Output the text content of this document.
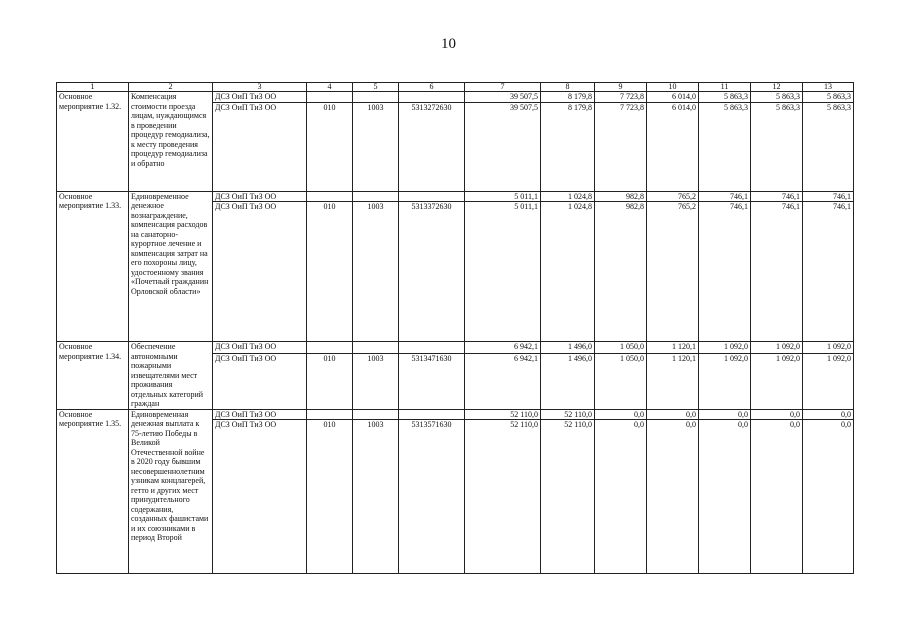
10
1	2	3	4	5	6	7	8	9	10	11	12	13
Основное мероприятие 1.32.	Компенсация стоимости проезда лицам, нуждающимся в проведении процедур гемодиализа, к месту проведения процедур гемодиализа и обратно	ДСЗ ОиП ТиЗ ОО				39 507,5	8 179,8	7 723,8	6 014,0	5 863,3	5 863,3	5 863,3
		ДСЗ ОиП ТиЗ ОО	010	1003	5313272630	39 507,5	8 179,8	7 723,8	6 014,0	5 863,3	5 863,3	5 863,3
Основное мероприятие 1.33.	Единовременное денежное вознаграждение, компенсация расходов на санаторно-курортное лечение и компенсация затрат на его похороны лицу, удостоенному звания «Почетный гражданин Орловской области»	ДСЗ ОиП ТиЗ ОО				5 011,1	1 024,8	982,8	765,2	746,1	746,1	746,1
		ДСЗ ОиП ТиЗ ОО	010	1003	5313372630	5 011,1	1 024,8	982,8	765,2	746,1	746,1	746,1
Основное мероприятие 1.34.	Обеспечение автономными пожарными извещателями мест проживания отдельных категорий граждан	ДСЗ ОиП ТиЗ ОО				6 942,1	1 496,0	1 050,0	1 120,1	1 092,0	1 092,0	1 092,0
		ДСЗ ОиП ТиЗ ОО	010	1003	5313471630	6 942,1	1 496,0	1 050,0	1 120,1	1 092,0	1 092,0	1 092,0
Основное мероприятие 1.35.	Единовременная денежная выплата к 75-летию Победы в Великой Отечественной войне в 2020 году бывшим несовершеннолетним узникам концлагерей, гетто и других мест принудительного содержания, созданных фашистами и их союзниками в период Второй	ДСЗ ОиП ТиЗ ОО				52 110,0	52 110,0	0,0	0,0	0,0	0,0	0,0
		ДСЗ ОиП ТиЗ ОО	010	1003	5313571630	52 110,0	52 110,0	0,0	0,0	0,0	0,0	0,0
